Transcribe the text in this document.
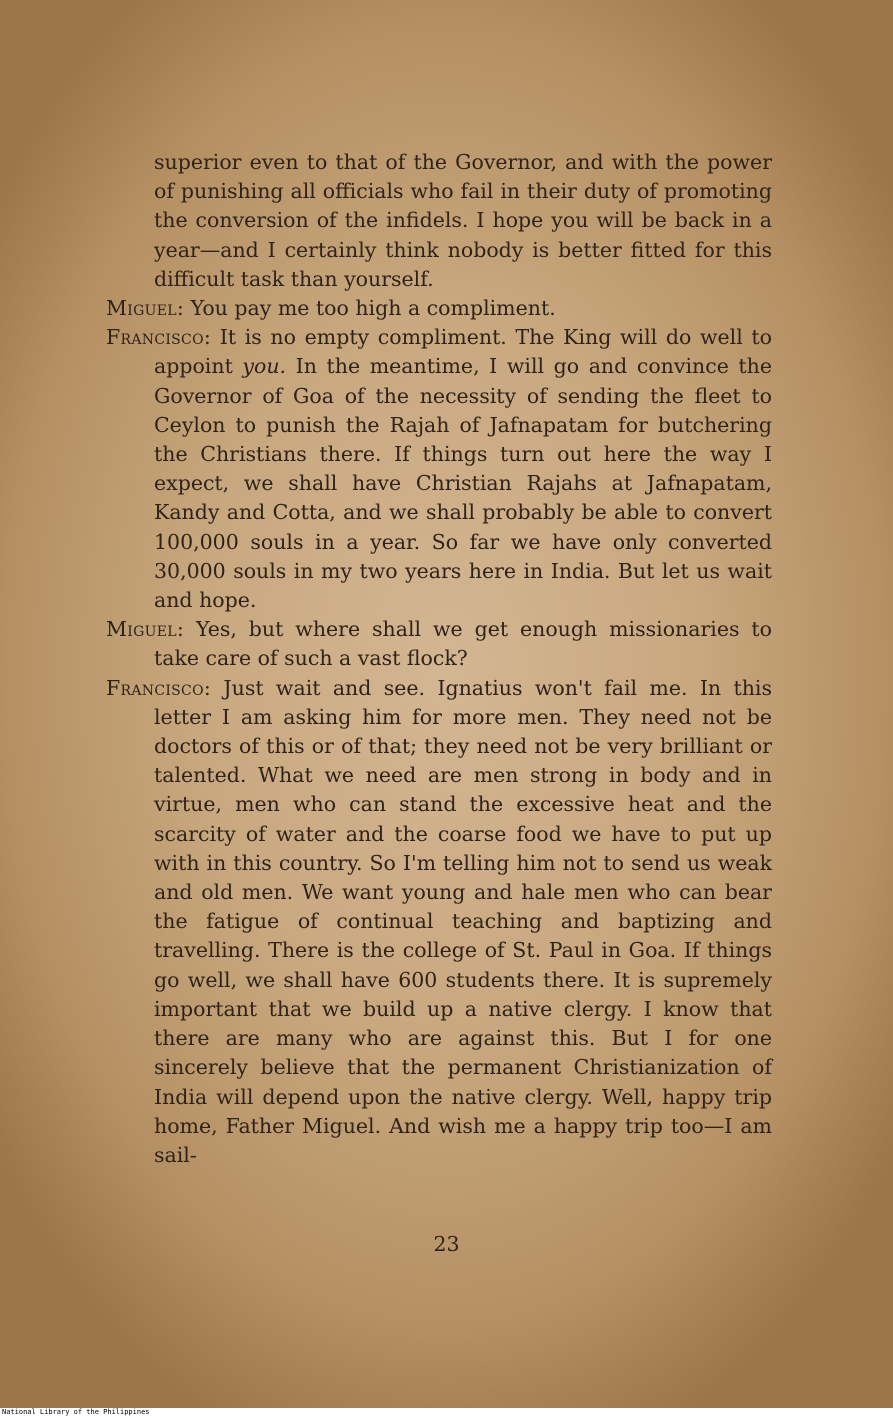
superior even to that of the Governor, and with the power of punishing all officials who fail in their duty of promoting the conversion of the infidels. I hope you will be back in a year—and I certainly think nobody is better fitted for this difficult task than yourself.

Miguel: You pay me too high a compliment.

Francisco: It is no empty compliment. The King will do well to appoint you. In the meantime, I will go and convince the Governor of Goa of the necessity of sending the fleet to Ceylon to punish the Rajah of Jafnapatam for butchering the Christians there. If things turn out here the way I expect, we shall have Christian Rajahs at Jafnapatam, Kandy and Cotta, and we shall probably be able to convert 100,000 souls in a year. So far we have only converted 30,000 souls in my two years here in India. But let us wait and hope.

Miguel: Yes, but where shall we get enough missionaries to take care of such a vast flock?

Francisco: Just wait and see. Ignatius won't fail me. In this letter I am asking him for more men. They need not be doctors of this or of that; they need not be very brilliant or talented. What we need are men strong in body and in virtue, men who can stand the excessive heat and the scarcity of water and the coarse food we have to put up with in this country. So I'm telling him not to send us weak and old men. We want young and hale men who can bear the fatigue of continual teaching and baptizing and travelling. There is the college of St. Paul in Goa. If things go well, we shall have 600 students there. It is supremely important that we build up a native clergy. I know that there are many who are against this. But I for one sincerely believe that the permanent Christianization of India will depend upon the native clergy. Well, happy trip home, Father Miguel. And wish me a happy trip too—I am sail-

23
National Library of the Philippines
